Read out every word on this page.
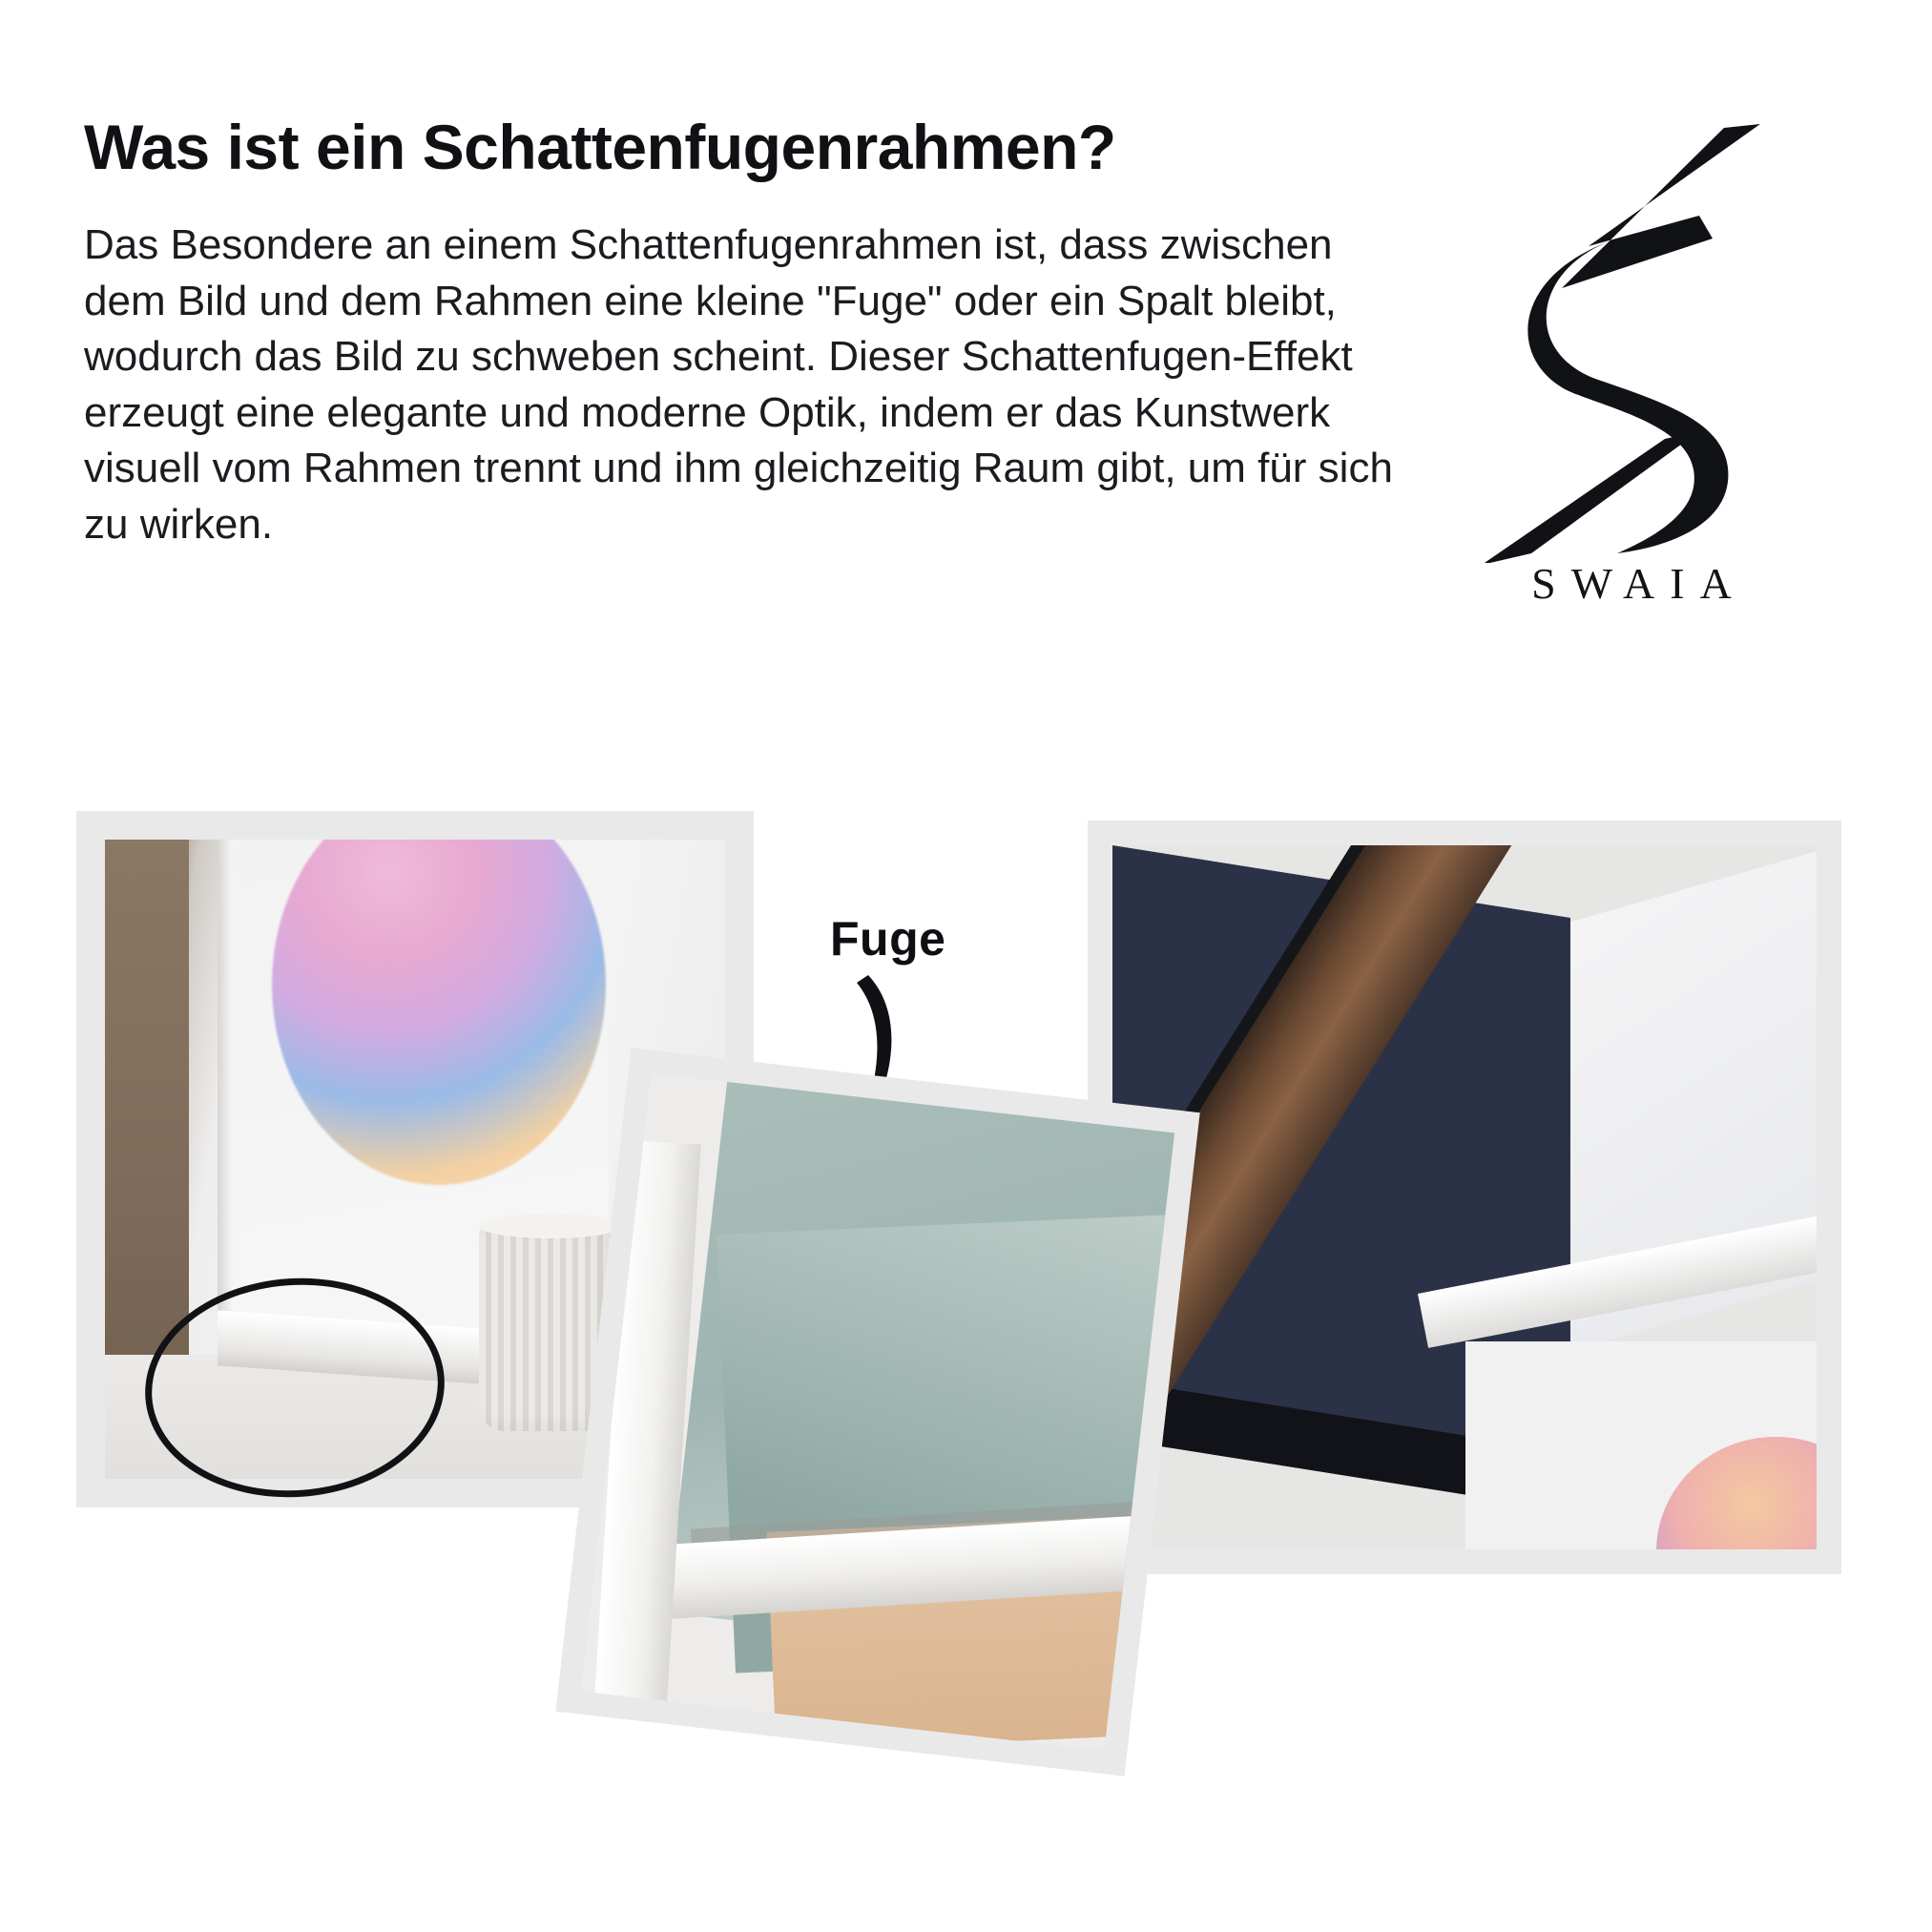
Was ist ein Schattenfugenrahmen?
Das Besondere an einem Schattenfugenrahmen ist, dass zwischen dem Bild und dem Rahmen eine kleine "Fuge" oder ein Spalt bleibt, wodurch das Bild zu schweben scheint. Dieser Schattenfugen-Effekt erzeugt eine elegante und moderne Optik, indem er das Kunstwerk visuell vom Rahmen trennt und ihm gleichzeitig Raum gibt, um für sich zu wirken.
SWAIA
Fuge
